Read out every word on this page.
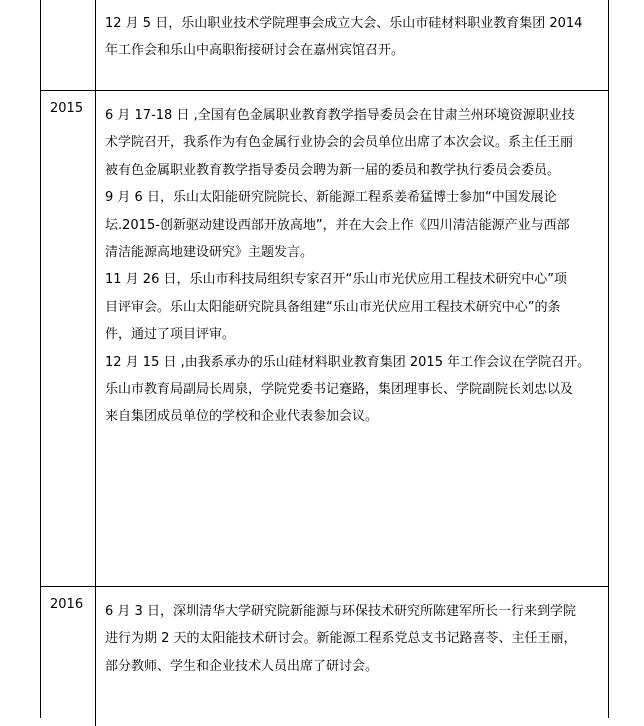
12 月 5 日，乐山职业技术学院理事会成立大会、乐山市硅材料职业教育集团 2014

年工作会和乐山中高职衔接研讨会在嘉州宾馆召开。

2015 6 月 17-18 日 ,全国有色金属职业教育教学指导委员会在甘肃兰州环境资源职业技

术学院召开，我系作为有色金属行业协会的会员单位出席了本次会议。系主任王丽

被有色金属职业教育教学指导委员会聘为新一届的委员和教学执行委员会委员。

9 月 6 日，乐山太阳能研究院院长、新能源工程系姜希猛博士参加“中国发展论

坛.2015-创新驱动建设西部开放高地”，并在大会上作《四川清洁能源产业与西部

清洁能源高地建设研究》主题发言。

11 月 26 日，乐山市科技局组织专家召开“乐山市光伏应用工程技术研究中心”项

目评审会。乐山太阳能研究院具备组建“乐山市光伏应用工程技术研究中心”的条

件，通过了项目评审。

12 月 15 日 ,由我系承办的乐山硅材料职业教育集团 2015 年工作会议在学院召开。

乐山市教育局副局长周泉，学院党委书记蹇路，集团理事长、学院副院长刘忠以及

来自集团成员单位的学校和企业代表参加会议。

2016 6 月 3 日，深圳清华大学研究院新能源与环保技术研究所陈建军所长一行来到学院

进行为期 2 天的太阳能技术研讨会。新能源工程系党总支书记路喜苓、主任王丽，

部分教师、学生和企业技术人员出席了研讨会。
